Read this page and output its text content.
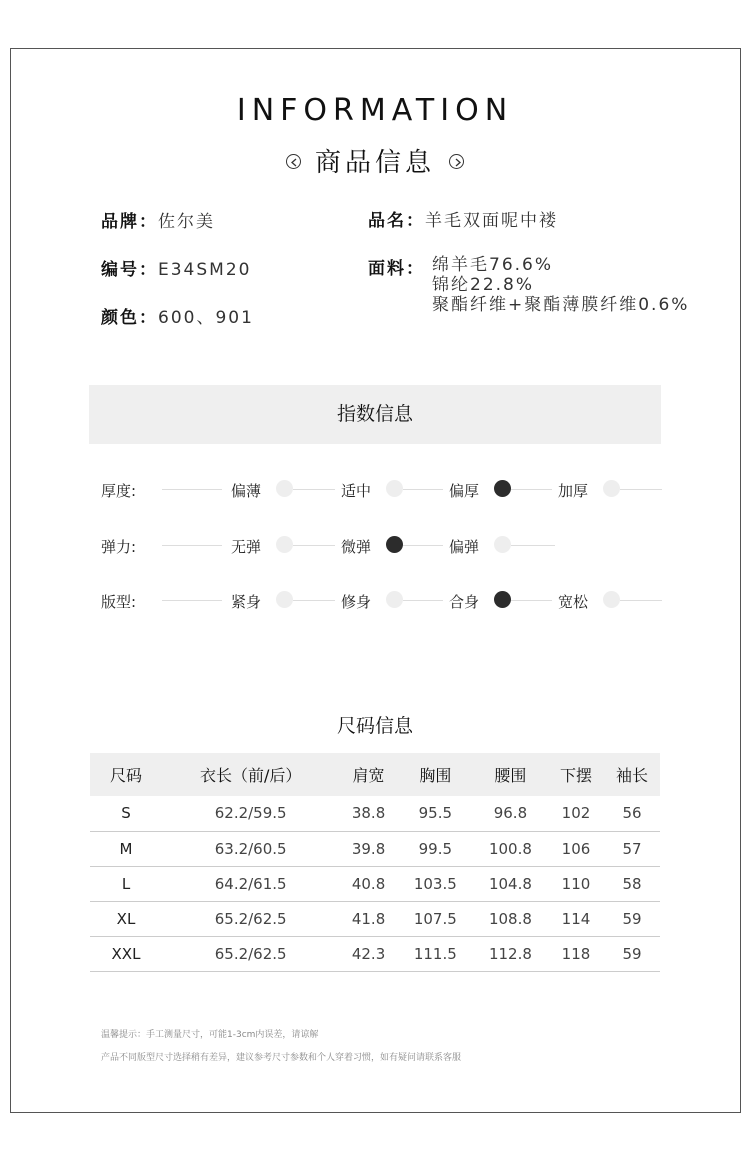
INFORMATION
商品信息
品牌：佐尔美
编号：E34SM20
颜色：600、901
品名：羊毛双面呢中褛
面料： 绵羊毛76.6%
锦纶22.8%
聚酯纤维+聚酯薄膜纤维0.6%
指数信息
厚度:	偏薄	适中	偏厚	加厚
弹力:	无弹	微弹	偏弹
版型:	紧身	修身	合身	宽松
尺码信息
尺码	衣长（前/后）	肩宽	胸围	腰围	下摆	袖长
S	62.2/59.5	38.8	95.5	96.8	102	56
M	63.2/60.5	39.8	99.5	100.8	106	57
L	64.2/61.5	40.8	103.5	104.8	110	58
XL	65.2/62.5	41.8	107.5	108.8	114	59
XXL	65.2/62.5	42.3	111.5	112.8	118	59
温馨提示：手工测量尺寸，可能1-3cm内误差，请谅解
产品不同版型尺寸选择稍有差异，建议参考尺寸参数和个人穿着习惯，如有疑问请联系客服
